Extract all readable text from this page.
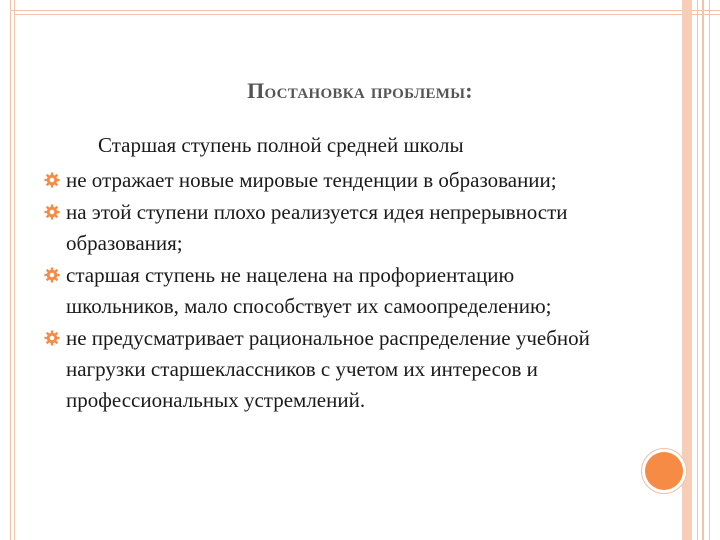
Постановка проблемы:

Старшая ступень полной средней школы

не отражает новые мировые тенденции в образовании;
на этой ступени плохо реализуется идея непрерывности образования;
старшая ступень не нацелена на профориентацию школьников, мало способствует их самоопределению;
не предусматривает рациональное распределение учебной нагрузки старшеклассников с учетом их интересов и профессиональных устремлений.
